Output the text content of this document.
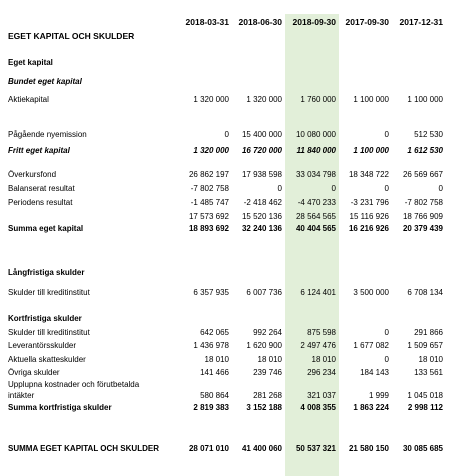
2018-03-31	2018-06-30	2018-09-30	2017-09-30	2017-12-31
EGET KAPITAL OCH SKULDER
Eget kapital
Bundet eget kapital
Aktiekapital	1 320 000	1 320 000	1 760 000	1 100 000	1 100 000
Pågående nyemission	0	15 400 000	10 080 000	0	512 530
Fritt eget kapital	1 320 000	16 720 000	11 840 000	1 100 000	1 612 530
Överkursfond	26 862 197	17 938 598	33 034 798	18 348 722	26 569 667
Balanserat resultat	-7 802 758	0	0	0	0
Periodens resultat	-1 485 747	-2 418 462	-4 470 233	-3 231 796	-7 802 758
17 573 692	15 520 136	28 564 565	15 116 926	18 766 909
Summa eget kapital	18 893 692	32 240 136	40 404 565	16 216 926	20 379 439
Långfristiga skulder
Skulder till kreditinstitut	6 357 935	6 007 736	6 124 401	3 500 000	6 708 134
Kortfristiga skulder
Skulder till kreditinstitut	642 065	992 264	875 598	0	291 866
Leverantörsskulder	1 436 978	1 620 900	2 497 476	1 677 082	1 509 657
Aktuella skatteskulder	18 010	18 010	18 010	0	18 010
Övriga skulder	141 466	239 746	296 234	184 143	133 561
Upplupna kostnader och förutbetalda
intäkter	580 864	281 268	321 037	1 999	1 045 018
Summa kortfristiga skulder	2 819 383	3 152 188	4 008 355	1 863 224	2 998 112
SUMMA EGET KAPITAL OCH SKULDER	28 071 010	41 400 060	50 537 321	21 580 150	30 085 685
